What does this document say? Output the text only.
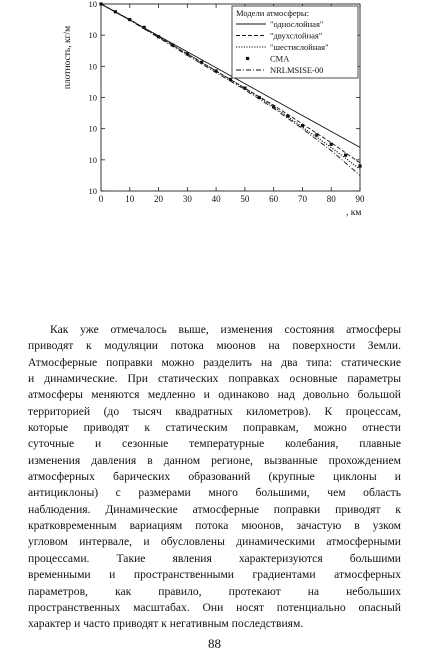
0 10 20 30 40 50 60 70 80 90
10
10
10
10
10
10
10
плотность, кг/м
, км
Модели атмосферы:
"однослойная"
"двухслойная"
"шестислойная"
СМА
NRLMSISE-00
Как уже отмечалось выше, изменения состояния атмосферы
приводят к модуляции потока мюонов на поверхности Земли.
Атмосферные поправки можно разделить на два типа: статические
и динамические. При статических поправках основные параметры
атмосферы меняются медленно и одинаково над довольно большой
территорией (до тысяч квадратных километров). К процессам,
которые приводят к статическим поправкам, можно отнести
суточные и сезонные температурные колебания, плавные
изменения давления в данном регионе, вызванные прохождением
атмосферных барических образований (крупные циклоны и
антициклоны) с размерами много большими, чем область
наблюдения. Динамические атмосферные поправки приводят к
кратковременным вариациям потока мюонов, зачастую в узком
угловом интервале, и обусловлены динамическими атмосферными
процессами. Такие явления характеризуются большими
временными и пространственными градиентами атмосферных
параметров, как правило, протекают на небольших
пространственных масштабах. Они носят потенциально опасный
характер и часто приводят к негативным последствиям.
88
